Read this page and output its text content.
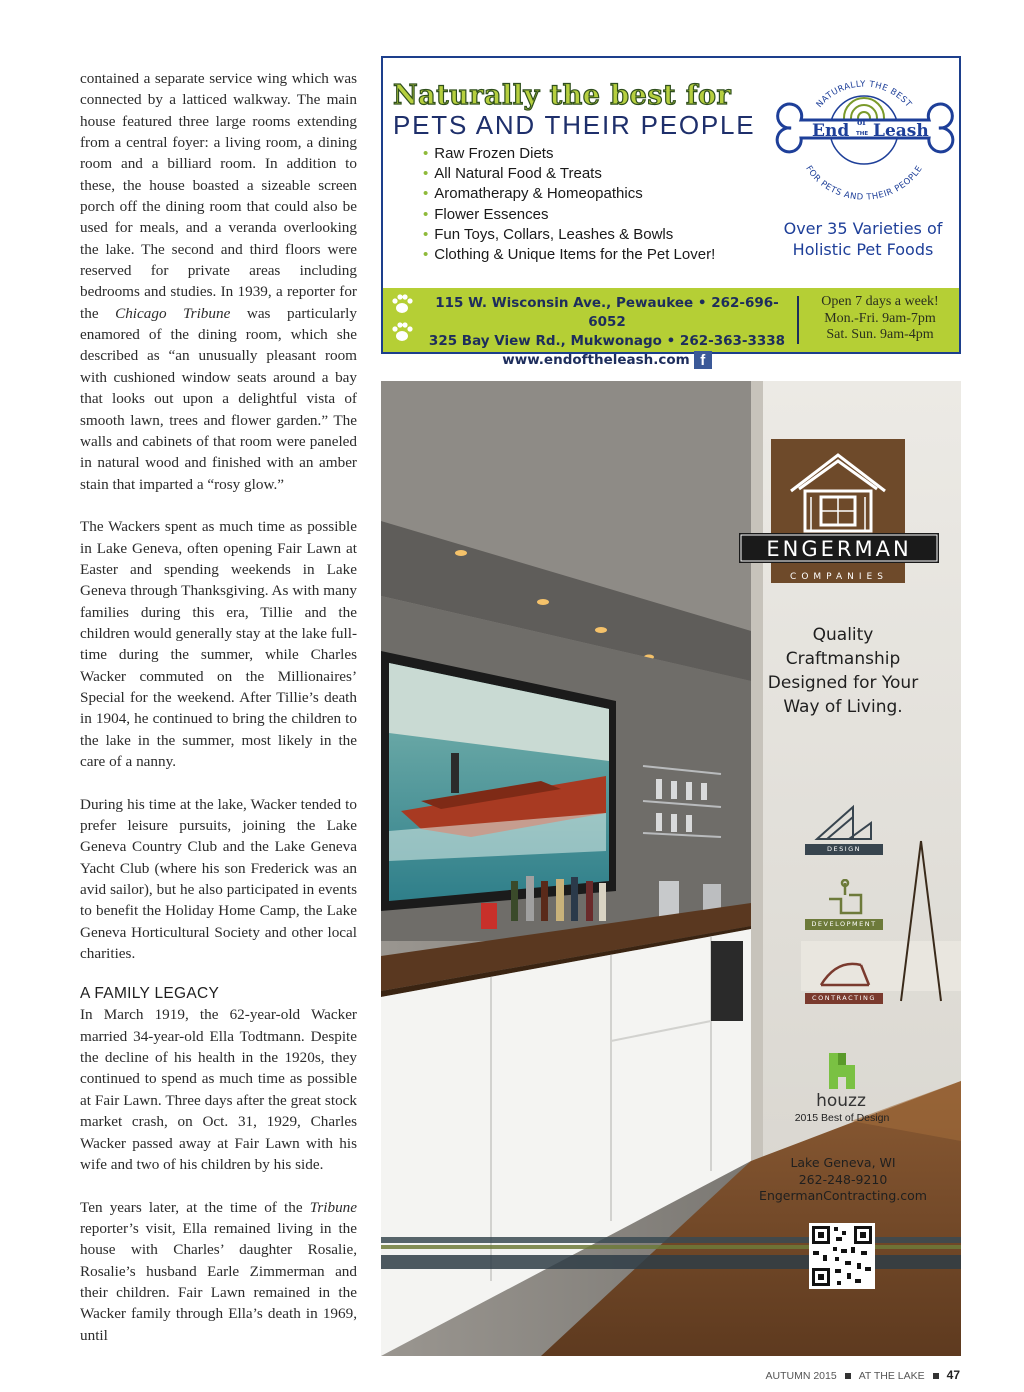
contained a separate service wing which was connected by a latticed walkway. The main house featured three large rooms extending from a central foyer: a living room, a dining room and a billiard room. In addition to these, the house boasted a sizeable screen porch off the dining room that could also be used for meals, and a veranda overlooking the lake. The second and third floors were reserved for private areas including bedrooms and studies. In 1939, a reporter for the Chicago Tribune was particularly enamored of the dining room, which she described as “an unusually pleasant room with cushioned window seats around a bay that looks out upon a delightful vista of smooth lawn, trees and flower garden.” The walls and cabinets of that room were paneled in natural wood and finished with an amber stain that imparted a “rosy glow.”

The Wackers spent as much time as possible in Lake Geneva, often opening Fair Lawn at Easter and spending weekends in Lake Geneva through Thanksgiving. As with many families during this era, Tillie and the children would generally stay at the lake full-time during the summer, while Charles Wacker commuted on the Millionaires’ Special for the weekend. After Tillie’s death in 1904, he continued to bring the children to the lake in the summer, most likely in the care of a nanny.

During his time at the lake, Wacker tended to prefer leisure pursuits, joining the Lake Geneva Country Club and the Lake Geneva Yacht Club (where his son Frederick was an avid sailor), but he also participated in events to benefit the Holiday Home Camp, the Lake Geneva Horticultural Society and other local charities.

A FAMILY LEGACY

In March 1919, the 62-year-old Wacker married 34-year-old Ella Todtmann. Despite the decline of his health in the 1920s, they continued to spend as much time as possible at Fair Lawn. Three days after the great stock market crash, on Oct. 31, 1929, Charles Wacker passed away at Fair Lawn with his wife and two of his children by his side.

Ten years later, at the time of the Tribune reporter’s visit, Ella remained living in the house with Charles’ daughter Rosalie, Rosalie’s husband Earle Zimmerman and their children. Fair Lawn remained in the Wacker family through Ella’s death in 1969, until

Naturally the best for
PETS AND THEIR PEOPLE
• Raw Frozen Diets
• All Natural Food & Treats
• Aromatherapy & Homeopathics
• Flower Essences
• Fun Toys, Collars, Leashes & Bowls
• Clothing & Unique Items for the Pet Lover!
NATURALLY THE BEST
FOR PETS AND THEIR PEOPLE
End of
THE Leash
Over 35 Varieties of
Holistic Pet Foods
115 W. Wisconsin Ave., Pewaukee • 262-696-6052
325 Bay View Rd., Mukwonago • 262-363-3338
www.endoftheleash.com f
Open 7 days a week!
Mon.-Fri. 9am-7pm
Sat. Sun. 9am-4pm
ENGERMAN
COMPANIES
Quality
Craftmanship
Designed for Your
Way of Living.
DESIGN
DEVELOPMENT
CONTRACTING
houzz
2015 Best of Design
Lake Geneva, WI
262-248-9210
EngermanContracting.com
AUTUMN 2015 AT THE LAKE 47
